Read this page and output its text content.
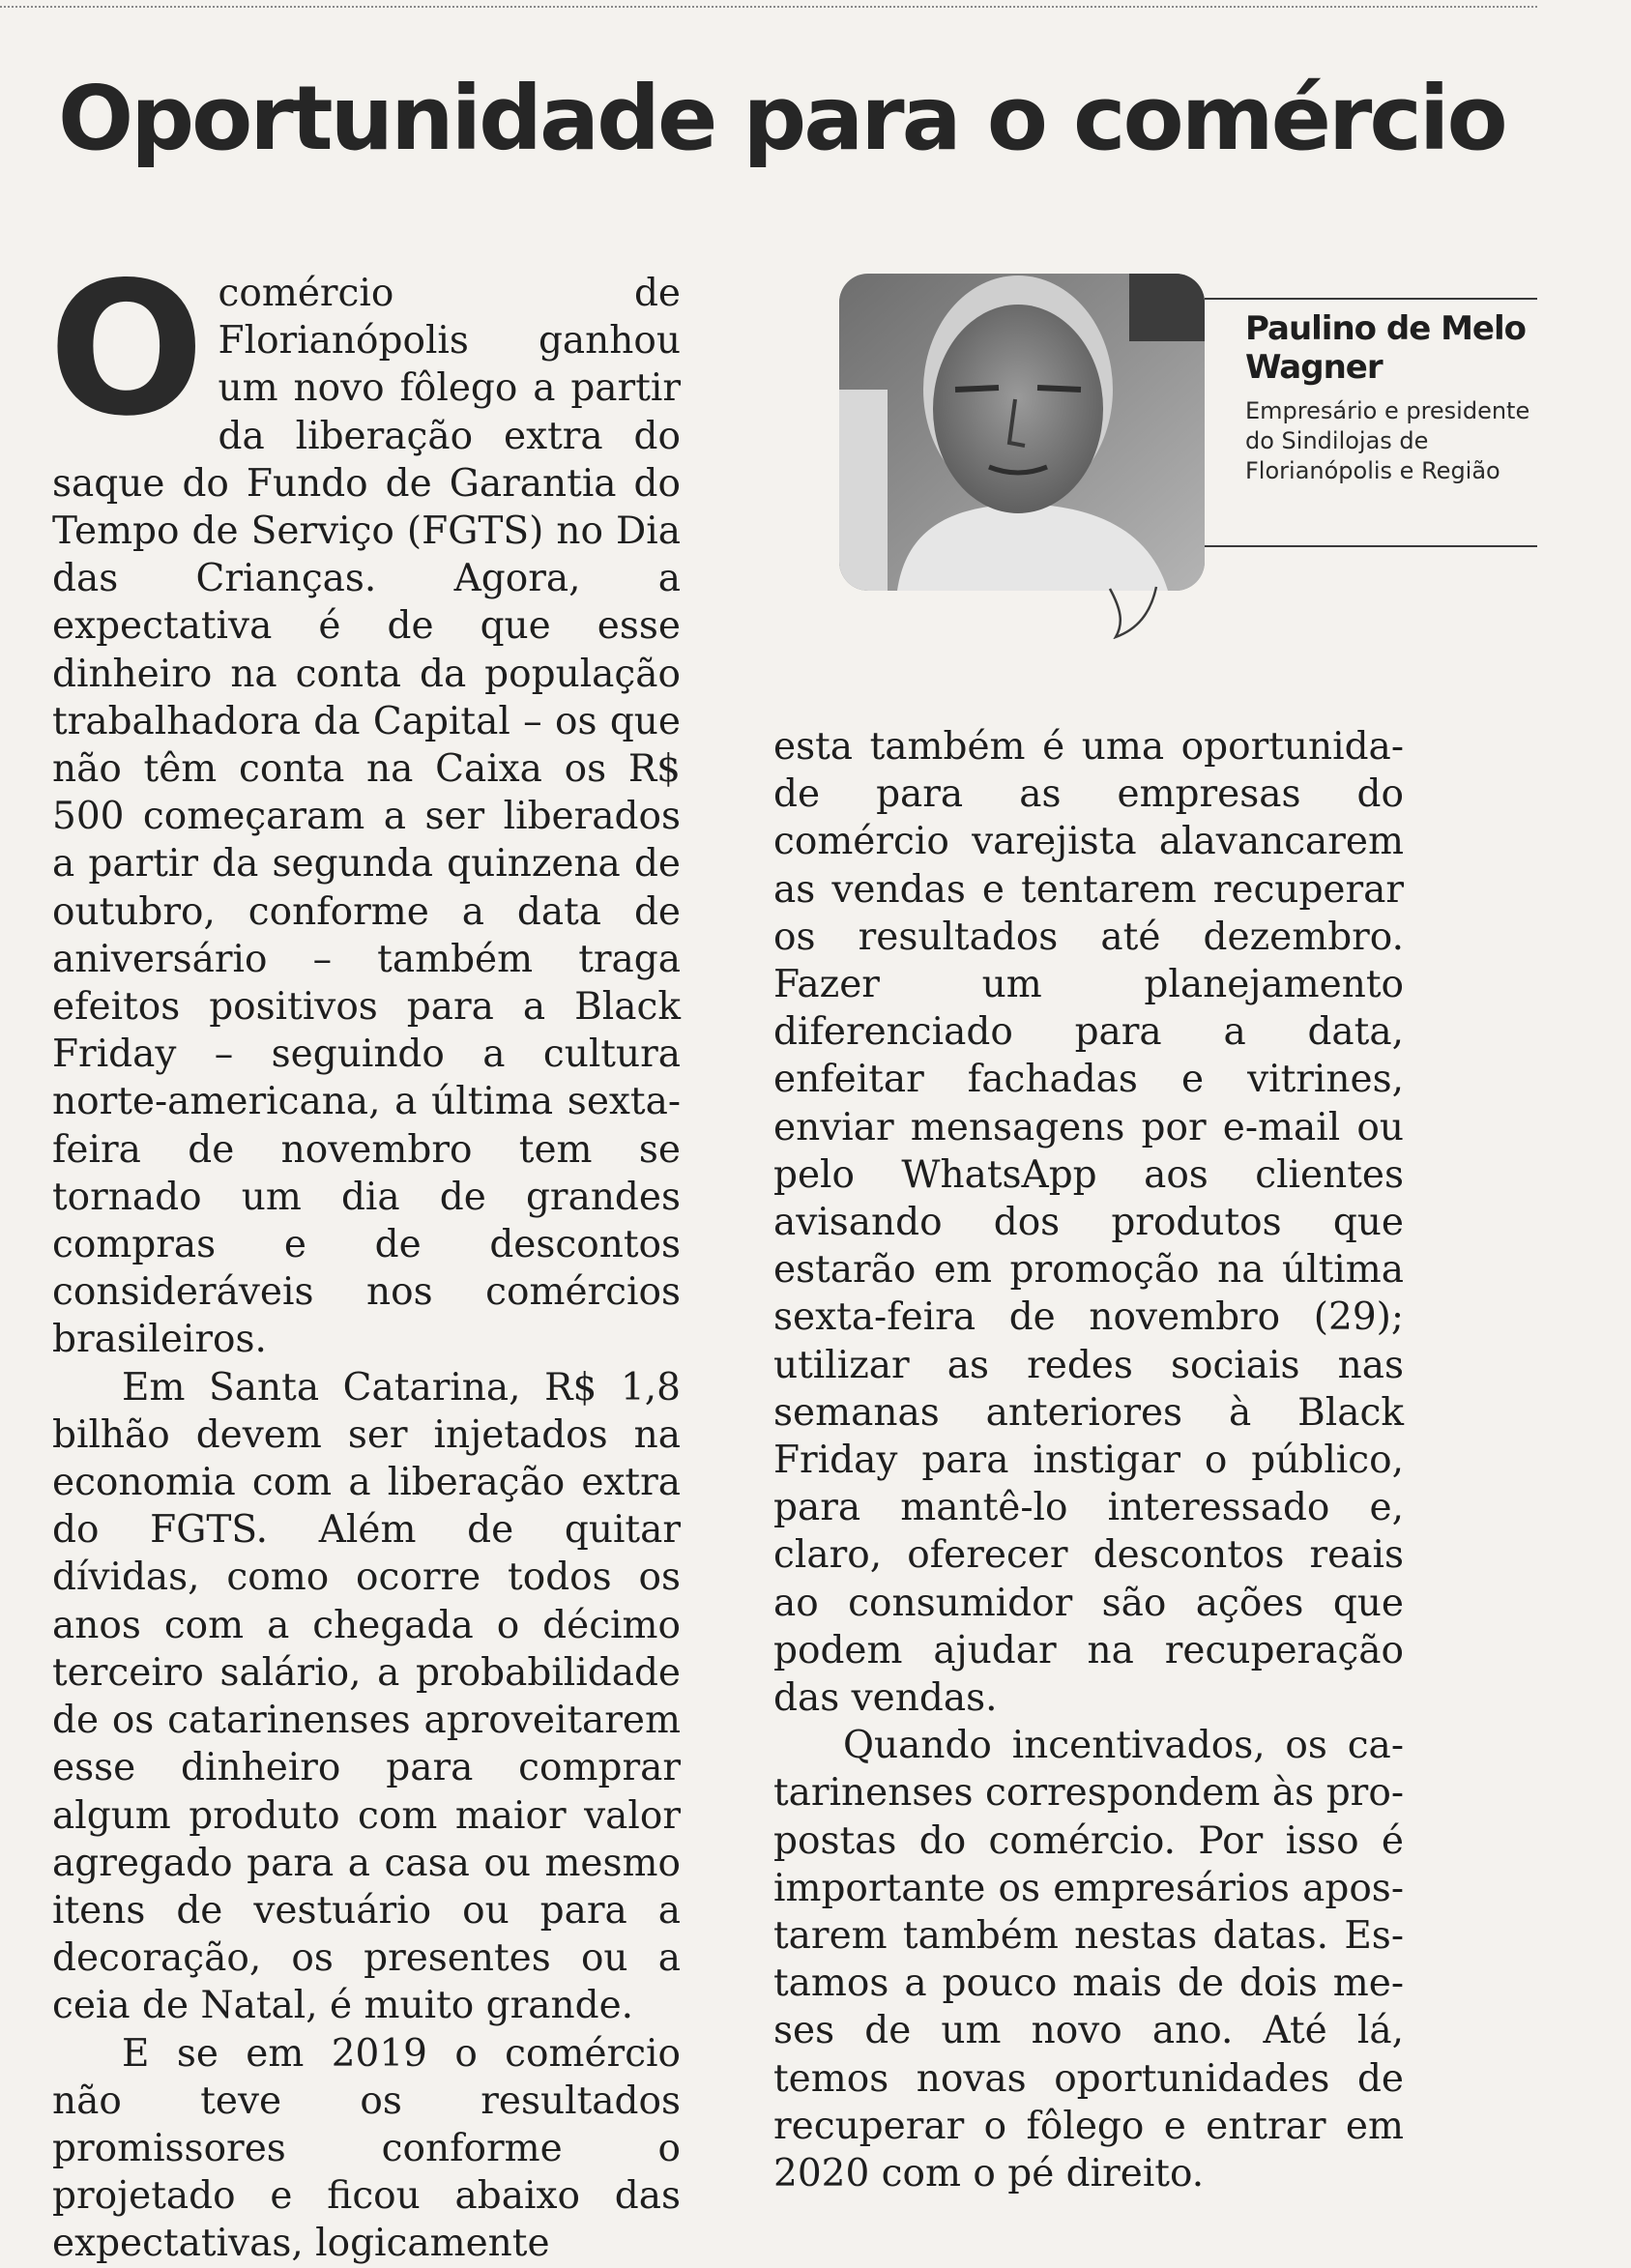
Oportunidade para o comércio
Paulino de Melo Wagner

Empresário e presidente do Sindilojas de Florianópolis e Região

Ocomércio de Florianópolis ganhou um novo fôlego a partir da liberação extra do saque do Fundo de Garantia do Tempo de Serviço (FGTS) no Dia das Crianças. Agora, a expectativa é de que esse dinheiro na conta da população trabalhadora da Capital – os que não têm conta na Caixa os R$ 500 começaram a ser liberados a partir da segunda quinzena de outubro, conforme a data de aniversário – também traga efeitos positivos para a Black Friday – seguindo a cultura norte-americana, a última sexta-feira de novembro tem se tornado um dia de grandes compras e de descontos consideráveis nos comércios brasileiros.

Em Santa Catarina, R$ 1,8 bilhão devem ser injetados na economia com a liberação extra do FGTS. Além de quitar dívidas, como ocorre todos os anos com a chegada o décimo terceiro salário, a probabilidade de os catarinenses aproveitarem esse dinheiro para comprar algum produto com maior valor agregado para a casa ou mesmo itens de vestuário ou para a decoração, os presentes ou a ceia de Natal, é muito grande.

E se em 2019 o comércio não teve os resultados promissores conforme o projetado e ficou abaixo das expectativas, logicamente

esta também é uma oportunidade para as empresas do comércio varejista alavancarem as vendas e tentarem recuperar os resultados até dezembro. Fazer um planejamento diferenciado para a data, enfeitar fachadas e vitrines, enviar mensagens por e-mail ou pelo WhatsApp aos clientes avisando dos produtos que estarão em promoção na última sexta-feira de novembro (29); utilizar as redes sociais nas semanas anteriores à Black Friday para instigar o público, para mantê-lo interessado e, claro, oferecer descontos reais ao consumidor são ações que podem ajudar na recuperação das vendas.

Quando incentivados, os catarinenses correspondem às propostas do comércio. Por isso é importante os empresários apostarem também nestas datas. Estamos a pouco mais de dois meses de um novo ano. Até lá, temos novas oportunidades de recuperar o fôlego e entrar em 2020 com o pé direito.
